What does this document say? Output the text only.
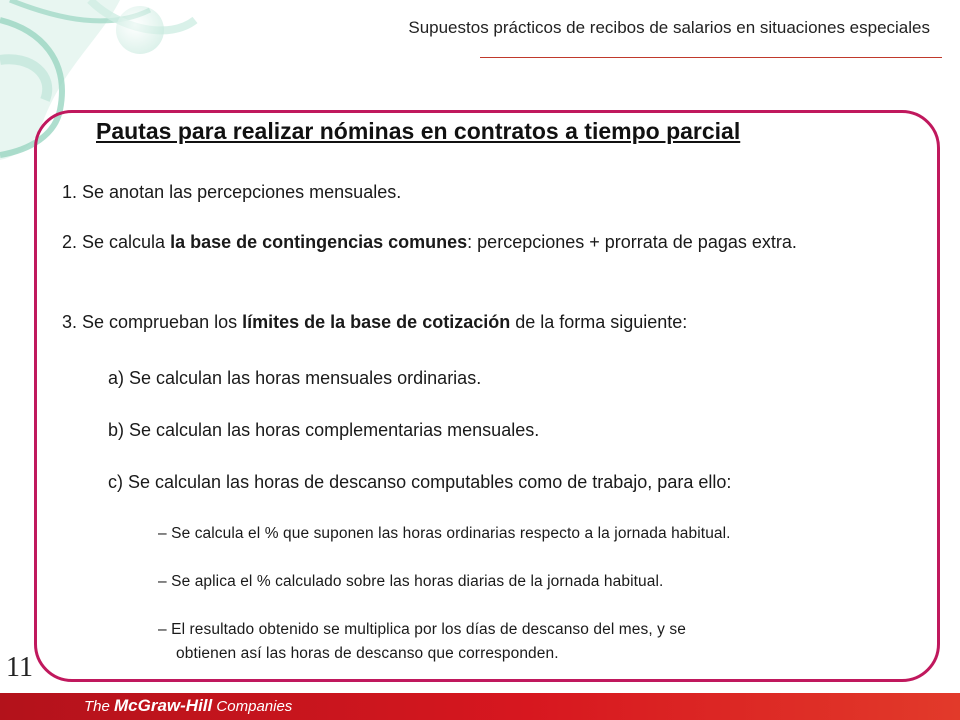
Supuestos prácticos de recibos de salarios en situaciones especiales
Pautas para realizar nóminas en contratos a tiempo parcial

1. Se anotan las percepciones mensuales.

2. Se calcula la base de contingencias comunes: percepciones + prorrata de pagas extra.

3. Se comprueban los límites de la base de cotización de la forma siguiente:

a) Se calculan las horas mensuales ordinarias.
b) Se calculan las horas complementarias mensuales.
c) Se calculan las horas de descanso computables como de trabajo, para ello:
– Se calcula el % que suponen las horas ordinarias respecto a la jornada habitual.
– Se aplica el % calculado sobre las horas diarias de la jornada habitual.
– El resultado obtenido se multiplica por los días de descanso del mes, y se
obtienen así las horas de descanso que corresponden.
11
The McGraw-Hill Companies
